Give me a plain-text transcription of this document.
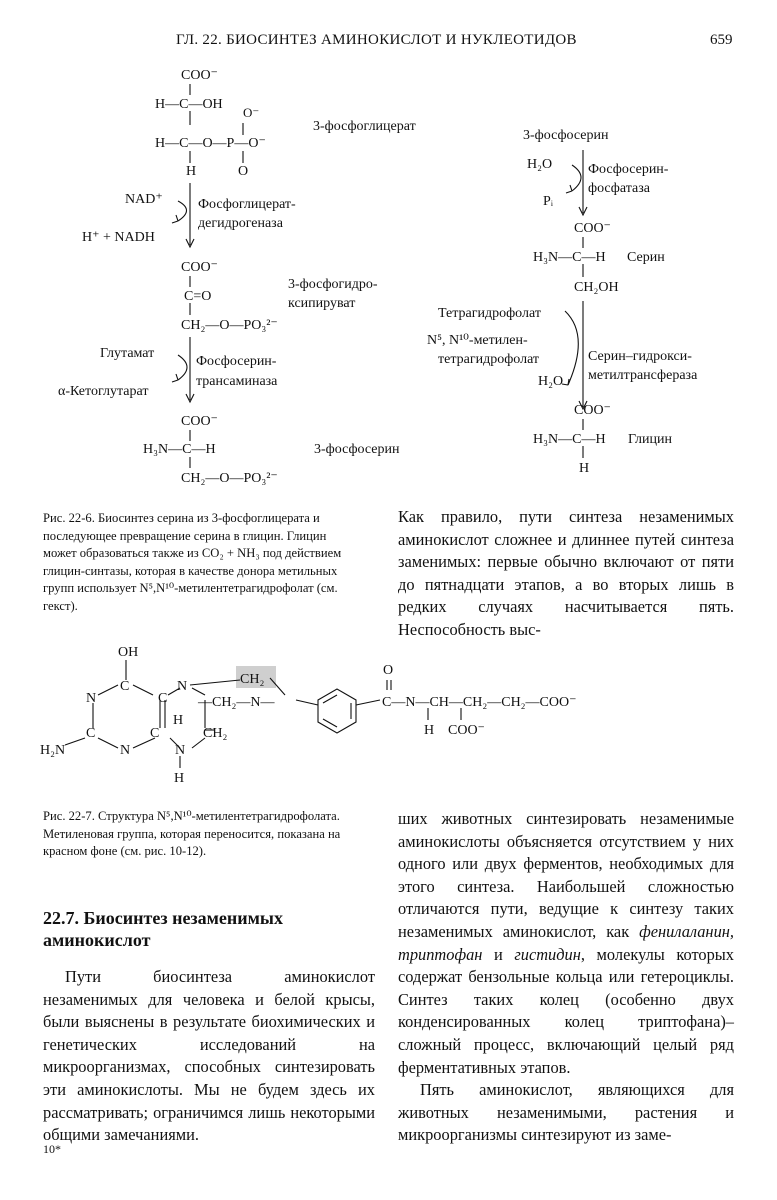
ГЛ. 22. БИОСИНТЕЗ АМИНОКИСЛОТ И НУКЛЕОТИДОВ	659
COO⁻
H—C—OH
O⁻
H—C—O—P—O⁻
H	O
3-фосфоглицерат
NAD⁺
H⁺ + NADH
Фосфоглицерат-
дегидрогеназа
COO⁻
C=O
CH₂—O—PO₃²⁻
3-фосфогидро-
ксипируват
Глутамат
α-Кетоглутарат
Фосфосерин-
трансаминаза
COO⁻
H₃N—C—H
CH₂—O—PO₃²⁻
3-фосфосерин
3-фосфосерин
H₂O
Pᵢ
Фосфосерин-
фосфатаза
COO⁻
H₃N—C—H
CH₂OH
Серин
Тетрагидрофолат
N⁵, N¹⁰-метилен-
тетрагидрофолат
H₂O
Серин–гидрокси-
метилтрансфераза
COO⁻
H₃N—C—H
H
Глицин
Рис. 22-6. Биосинтез серина из 3-фосфоглицерата и последующее превращение серина в глицин. Глицин может образоваться также из CO₂ + NH₃ под действием глицин-синтазы, которая в качестве донора метильных групп использует N⁵,N¹⁰-метилентетрагидрофолат (см. гекст).
Как правило, пути синтеза незаменимых аминокислот сложнее и длиннее путей синтеза заменимых: первые обычно включают от пяти до пятнадцати этапов, а во вторых лишь в редких случаях насчитывается пять. Неспособность выс-
OH
N
C
C
N	CH₂
—CH₂—N—
H
CH₂
H₂N
C
N
C
N
H
O
C—N—CH—CH₂—CH₂—COO⁻
H COO⁻
Рис. 22-7. Структура N⁵,N¹⁰-метилентетрагидрофолата. Метиленовая группа, которая переносится, показана на красном фоне (см. рис. 10-12).
22.7. Биосинтез незаменимых аминокислот

Пути биосинтеза аминокислот незаменимых для человека и белой крысы, были выяснены в результате биохимических и генетических исследований на микроорганизмах, способных синтезировать эти аминокислоты. Мы не будем здесь их рассматривать; ограничимся лишь некоторыми общими замечаниями.

ших животных синтезировать незаменимые аминокислоты объясняется отсутствием у них одного или двух ферментов, необходимых для этого синтеза. Наибольшей сложностью отличаются пути, ведущие к синтезу таких незаменимых аминокислот, как фенилаланин, триптофан и гистидин, молекулы которых содержат бензольные кольца или гетероциклы. Синтез таких колец (особенно двух конденсированных колец триптофана)–сложный процесс, включающий целый ряд ферментативных этапов.

Пять аминокислот, являющихся для животных незаменимыми, растения и микроорганизмы синтезируют из заме-

10*
